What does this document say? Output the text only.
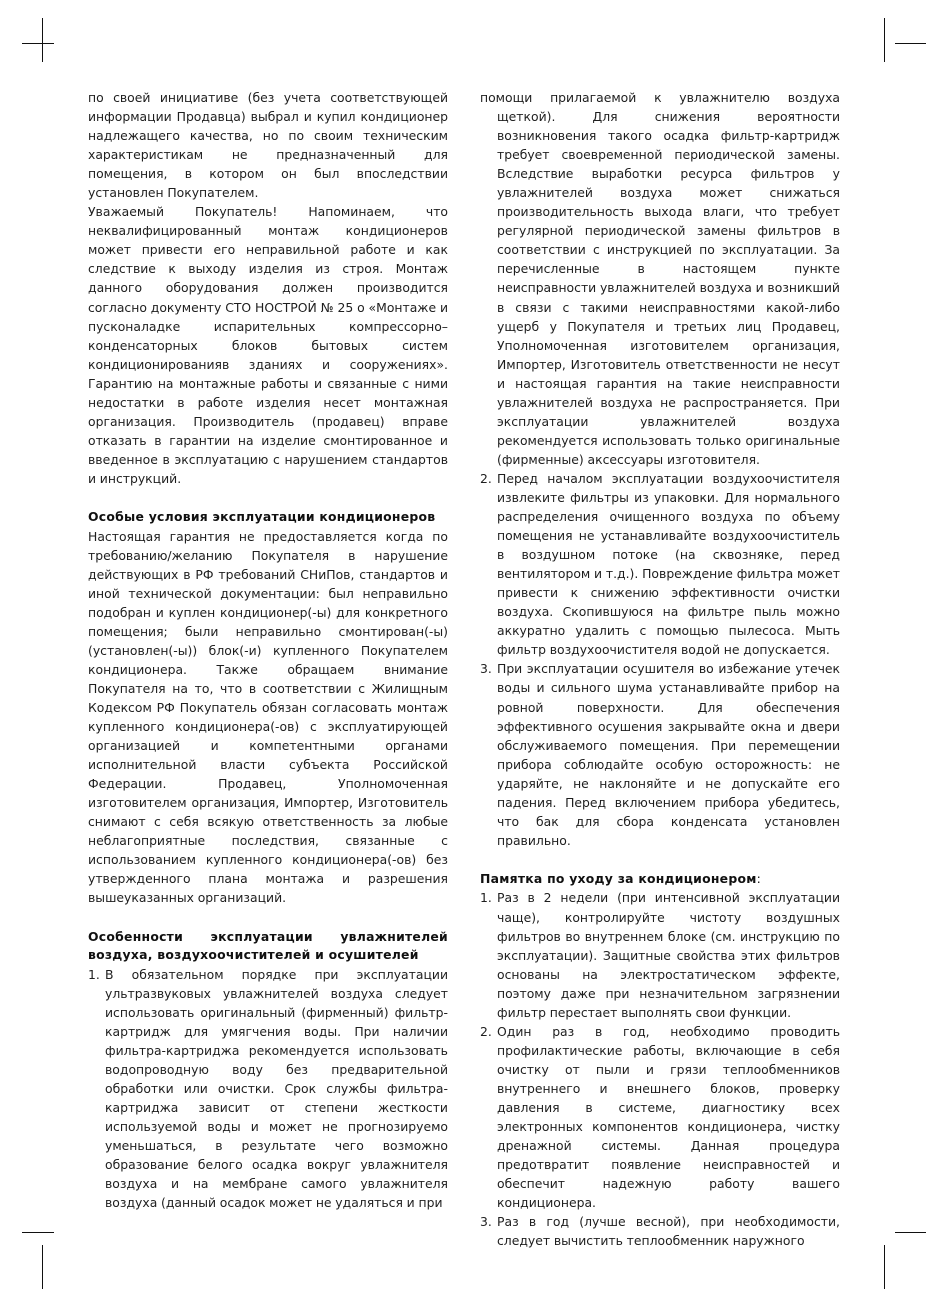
по своей инициативе (без учета соответствующей информации Продавца) выбрал и купил кондиционер надлежащего качества, но по своим техническим характеристикам не предназначенный для помещения, в котором он был впоследствии установлен Покупателем.

Уважаемый Покупатель! Напоминаем, что неквалифицированный монтаж кондиционеров может привести его неправильной работе и как следствие к выходу изделия из строя. Монтаж данного оборудования должен производится согласно документу СТО НОСТРОЙ № 25 о «Монтаже и пусконаладке испарительных компрессорно–конденсаторных блоков бытовых систем кондиционированияв зданиях и сооружениях». Гарантию на монтажные работы и связанные с ними недостатки в работе изделия несет монтажная организация. Производитель (продавец) вправе отказать в гарантии на изделие смонтированное и введенное в эксплуатацию с нарушением стандартов и инструкций.

Особые условия эксплуатации кондиционеров

Настоящая гарантия не предоставляется когда по требованию/желанию Покупателя в нарушение действующих в РФ требований СНиПов, стандартов и иной технической документации: был неправильно подобран и куплен кондиционер(-ы) для конкретного помещения; были неправильно смонтирован(-ы) (установлен(-ы)) блок(-и) купленного Покупателем кондиционера. Также обращаем внимание Покупателя на то, что в соответствии с Жилищным Кодексом РФ Покупатель обязан согласовать монтаж купленного кондиционера(-ов) с эксплуатирующей организацией и компетентными органами исполнительной власти субъекта Российской Федерации. Продавец, Уполномоченная изготовителем организация, Импортер, Изготовитель снимают с себя всякую ответственность за любые неблагоприятные последствия, связанные с использованием купленного кондиционера(-ов) без утвержденного плана монтажа и разрешения вышеуказанных организаций.

Особенности эксплуатации увлажнителей воздуха, воздухоочистителей и осушителей

1. В обязательном порядке при эксплуатации ультразвуковых увлажнителей воздуха следует использовать оригинальный (фирменный) фильтр-картридж для умягчения воды. При наличии фильтра-картриджа рекомендуется использовать водопроводную воду без предварительной обработки или очистки. Срок службы фильтра-картриджа зависит от степени жесткости используемой воды и может не прогнозируемо уменьшаться, в результате чего возможно образование белого осадка вокруг увлажнителя воздуха и на мембране самого увлажнителя воздуха (данный осадок может не удаляться и при

помощи прилагаемой к увлажнителю воздуха щеткой). Для снижения вероятности возникновения такого осадка фильтр-картридж требует своевременной периодической замены. Вследствие выработки ресурса фильтров у увлажнителей воздуха может снижаться производительность выхода влаги, что требует регулярной периодической замены фильтров в соответствии с инструкцией по эксплуатации. За перечисленные в настоящем пункте неисправности увлажнителей воздуха и возникший в связи с такими неисправностями какой-либо ущерб у Покупателя и третьих лиц Продавец, Уполномоченная изготовителем организация, Импортер, Изготовитель ответственности не несут и настоящая гарантия на такие неисправности увлажнителей воздуха не распространяется. При эксплуатации увлажнителей воздуха рекомендуется использовать только оригинальные (фирменные) аксессуары изготовителя.

2. Перед началом эксплуатации воздухоочистителя извлеките фильтры из упаковки. Для нормального распределения очищенного воздуха по объему помещения не устанавливайте воздухоочиститель в воздушном потоке (на сквозняке, перед вентилятором и т.д.). Повреждение фильтра может привести к снижению эффективности очистки воздуха. Скопившуюся на фильтре пыль можно аккуратно удалить с помощью пылесоса. Мыть фильтр воздухоочистителя водой не допускается.

3. При эксплуатации осушителя во избежание утечек воды и сильного шума устанавливайте прибор на ровной поверхности. Для обеспечения эффективного осушения закрывайте окна и двери обслуживаемого помещения. При перемещении прибора соблюдайте особую осторожность: не ударяйте, не наклоняйте и не допускайте его падения. Перед включением прибора убедитесь, что бак для сбора конденсата установлен правильно.

Памятка по уходу за кондиционером:

1. Раз в 2 недели (при интенсивной эксплуатации чаще), контролируйте чистоту воздушных фильтров во внутреннем блоке (см. инструкцию по эксплуатации). Защитные свойства этих фильтров основаны на электростатическом эффекте, поэтому даже при незначительном загрязнении фильтр перестает выполнять свои функции.

2. Один раз в год, необходимо проводить профилактические работы, включающие в себя очистку от пыли и грязи теплообменников внутреннего и внешнего блоков, проверку давления в системе, диагностику всех электронных компонентов кондиционера, чистку дренажной системы. Данная процедура предотвратит появление неисправностей и обеспечит надежную работу вашего кондиционера.

3. Раз в год (лучше весной), при необходимости, следует вычистить теплообменник наружного
